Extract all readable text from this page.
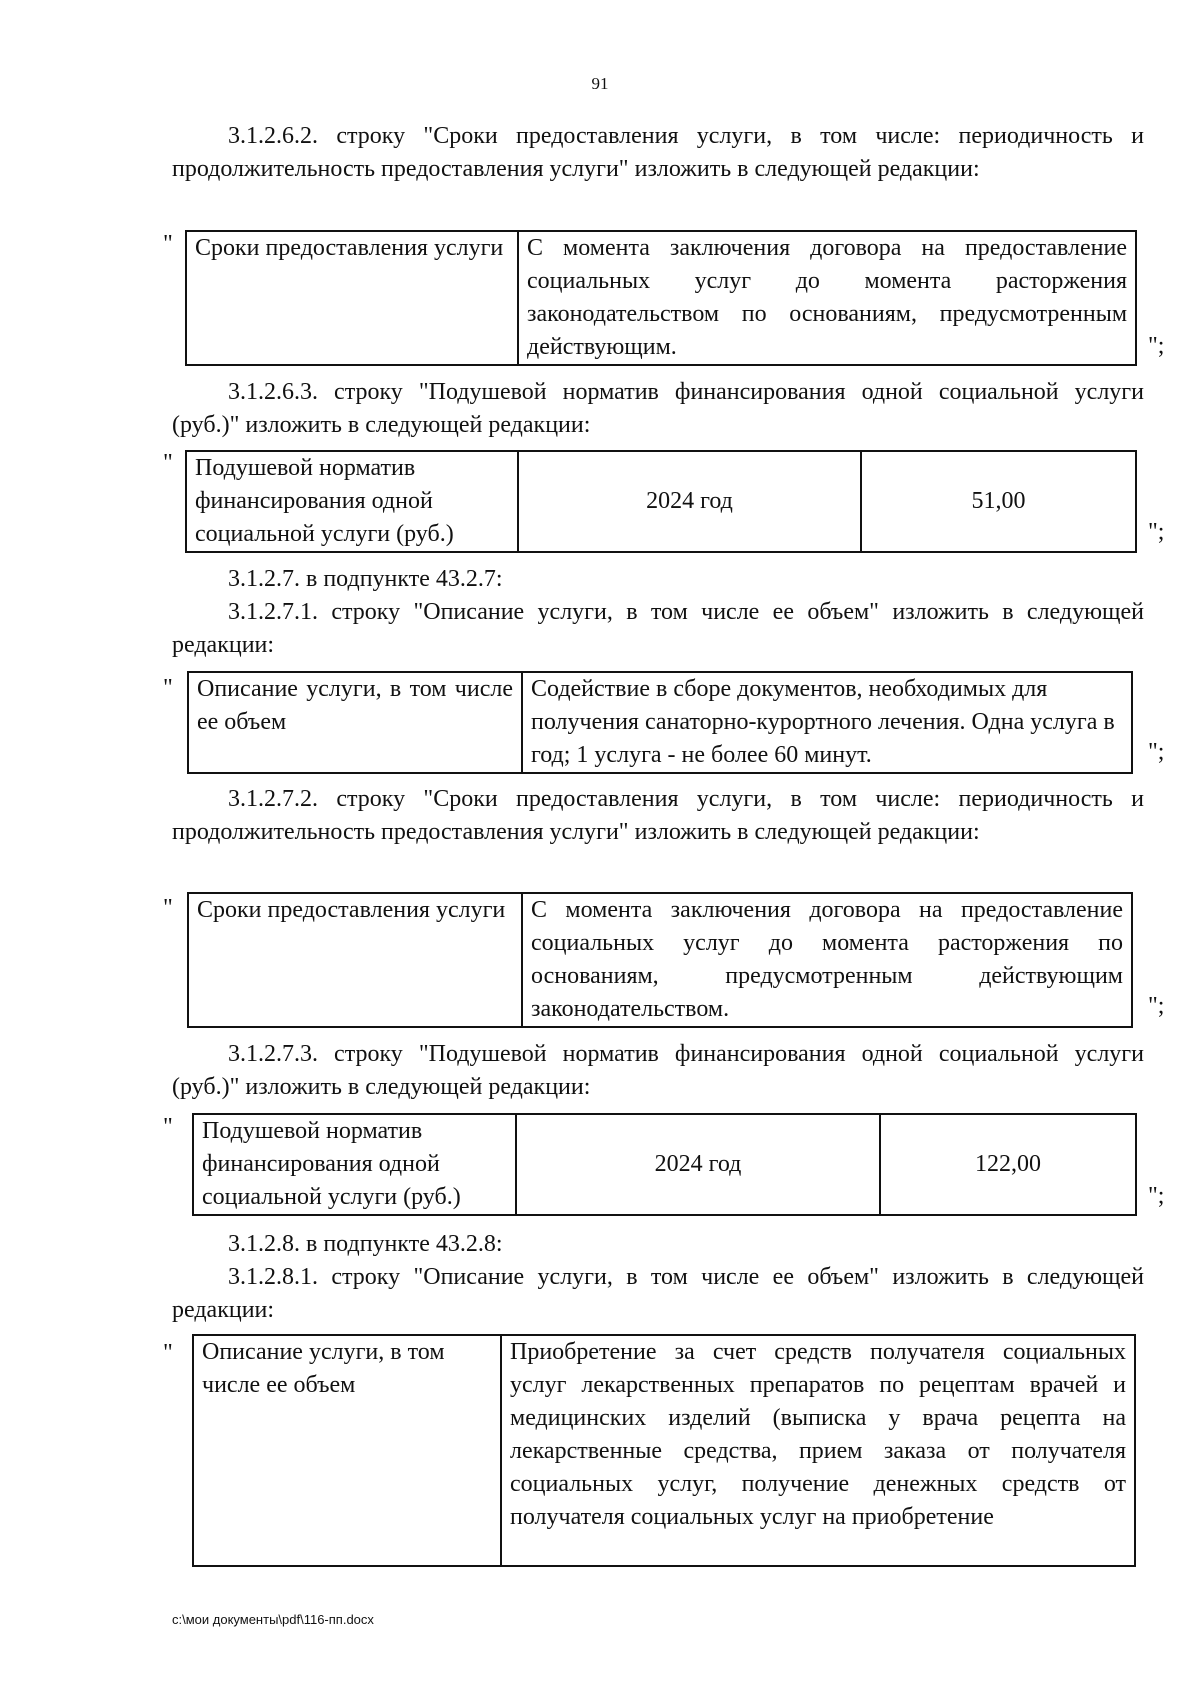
91
3.1.2.6.2. строку "Сроки предоставления услуги, в том числе: периодичность и продолжительность предоставления услуги" изложить в следующей редакции:
" Сроки предоставления услуги	С момента заключения договора на предоставление социальных услуг до момента расторжения законодательством по основаниям, предусмотренным действующим.	";
3.1.2.6.3. строку "Подушевой норматив финансирования одной социальной услуги (руб.)" изложить в следующей редакции:
" Подушевой норматив финансирования одной социальной услуги (руб.)	2024 год	51,00
";
3.1.2.7. в подпункте 43.2.7:
3.1.2.7.1. строку "Описание услуги, в том числе ее объем" изложить в следующей редакции:
" Описание услуги, в том числе ее объем	Содействие в сборе документов, необходимых для получения санаторно-курортного лечения. Одна услуга в год; 1 услуга - не более 60 минут.	";
3.1.2.7.2. строку "Сроки предоставления услуги, в том числе: периодичность и продолжительность предоставления услуги" изложить в следующей редакции:
" Сроки предоставления услуги	С момента заключения договора на предоставление социальных услуг до момента расторжения по основаниям, предусмотренным действующим законодательством.	";
3.1.2.7.3. строку "Подушевой норматив финансирования одной социальной услуги (руб.)" изложить в следующей редакции:
" Подушевой норматив финансирования одной социальной услуги (руб.)	2024 год	122,00
";
3.1.2.8. в подпункте 43.2.8:
3.1.2.8.1. строку "Описание услуги, в том числе ее объем" изложить в следующей редакции:
" Описание услуги, в том числе ее объем	Приобретение за счет средств получателя социальных услуг лекарственных препаратов по рецептам врачей и медицинских изделий (выписка у врача рецепта на лекарственные средства, прием заказа от получателя социальных услуг, получение денежных средств от получателя социальных услуг на приобретение
c:\мои документы\pdf\116-пп.docx
